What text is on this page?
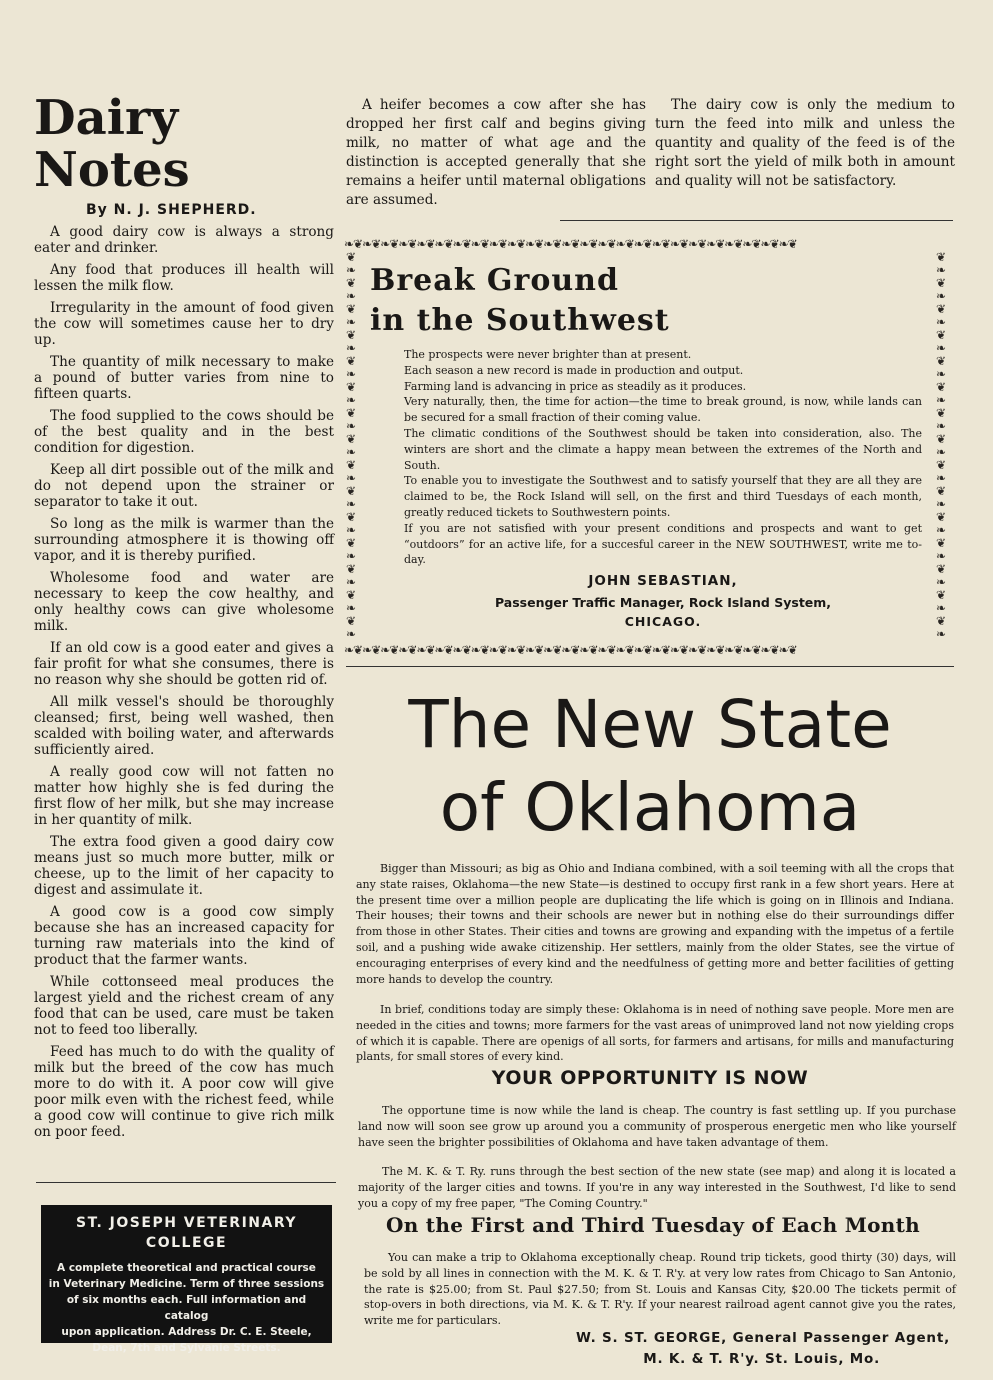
Dairy Notes
By N. J. SHEPHERD.

A good dairy cow is always a strong eater and drinker.

Any food that produces ill health will lessen the milk flow.

Irregularity in the amount of food given the cow will sometimes cause her to dry up.

The quantity of milk necessary to make a pound of butter varies from nine to fifteen quarts.

The food supplied to the cows should be of the best quality and in the best condition for digestion.

Keep all dirt possible out of the milk and do not depend upon the strainer or separator to take it out.

So long as the milk is warmer than the surrounding atmosphere it is thowing off vapor, and it is thereby purified.

Wholesome food and water are necessary to keep the cow healthy, and only healthy cows can give wholesome milk.

If an old cow is a good eater and gives a fair profit for what she consumes, there is no reason why she should be gotten rid of.

All milk vessel's should be thoroughly cleansed; first, being well washed, then scalded with boiling water, and afterwards sufficiently aired.

A really good cow will not fatten no matter how highly she is fed during the first flow of her milk, but she may increase in her quantity of milk.

The extra food given a good dairy cow means just so much more butter, milk or cheese, up to the limit of her capacity to digest and assimulate it.

A good cow is a good cow simply because she has an increased capacity for turning raw materials into the kind of product that the farmer wants.

While cottonseed meal produces the largest yield and the richest cream of any food that can be used, care must be taken not to feed too liberally.

Feed has much to do with the quality of milk but the breed of the cow has much more to do with it. A poor cow will give poor milk even with the richest feed, while a good cow will continue to give rich milk on poor feed.

ST. JOSEPH VETERINARY
COLLEGE
A complete theoretical and practical course
in Veterinary Medicine. Term of three sessions
of six months each. Full information and catalog
upon application. Address Dr. C. E. Steele,
Dean, 7th and Sylvanie Streets.

A heifer becomes a cow after she has dropped her first calf and begins giving milk, no matter of what age and the distinction is accepted generally that she remains a heifer until maternal obligations are assumed.

The dairy cow is only the medium to turn the feed into milk and unless the quantity and quality of the feed is of the right sort the yield of milk both in amount and quality will not be satisfactory.

❧❦❧❦❧❦❧❦❧❦❧❦❧❦❧❦❧❦❧❦❧❦❧❦❧❦❧❦❧❦❧❦❧❦❧❦❧❦❧❦❧❦❧❦❧❦❧❦❧❦
❧❦❧❦❧❦❧❦❧❦❧❦❧❦❧❦❧❦❧❦❧❦❧❦❧❦❧❦❧❦❧❦❧❦❧❦❧❦❧❦❧❦❧❦❧❦❧❦❧❦
❦❧❦❧❦❧❦❧❦❧❦❧❦❧❦❧❦❧❦❧❦❧❦❧❦❧❦❧❦❧
❦❧❦❧❦❧❦❧❦❧❦❧❦❧❦❧❦❧❦❧❦❧❦❧❦❧❦❧❦❧
Break Ground
in the Southwest

The prospects were never brighter than at present.

Each season a new record is made in production and output.

Farming land is advancing in price as steadily as it produces.

Very naturally, then, the time for action—the time to break ground, is now, while lands can be secured for a small fraction of their coming value.

The climatic conditions of the Southwest should be taken into consideration, also. The winters are short and the climate a happy mean between the extremes of the North and South.

To enable you to investigate the Southwest and to satisfy yourself that they are all they are claimed to be, the Rock Island will sell, on the first and third Tuesdays of each month, greatly reduced tickets to Southwestern points.

If you are not satisfied with your present conditions and prospects and want to get “outdoors” for an active life, for a succesful career in the NEW SOUTHWEST, write me to-day.

JOHN SEBASTIAN,
Passenger Traffic Manager, Rock Island System,
CHICAGO.
The New State
of Oklahoma

Bigger than Missouri; as big as Ohio and Indiana combined, with a soil teeming with all the crops that any state raises, Oklahoma—the new State—is destined to occupy first rank in a few short years. Here at the present time over a million people are duplicating the life which is going on in Illinois and Indiana. Their houses; their towns and their schools are newer but in nothing else do their surroundings differ from those in other States. Their cities and towns are growing and expanding with the impetus of a fertile soil, and a pushing wide awake citizenship. Her settlers, mainly from the older States, see the virtue of encouraging enterprises of every kind and the needfulness of getting more and better facilities of getting more hands to develop the country.

In brief, conditions today are simply these: Oklahoma is in need of nothing save people. More men are needed in the cities and towns; more farmers for the vast areas of unimproved land not now yielding crops of which it is capable. There are openigs of all sorts, for farmers and artisans, for mills and manufacturing plants, for small stores of every kind.

YOUR OPPORTUNITY IS NOW

The opportune time is now while the land is cheap. The country is fast settling up. If you purchase land now will soon see grow up around you a community of prosperous energetic men who like yourself have seen the brighter possibilities of Oklahoma and have taken advantage of them.

The M. K. & T. Ry. runs through the best section of the new state (see map) and along it is located a majority of the larger cities and towns. If you're in any way interested in the Southwest, I'd like to send you a copy of my free paper, "The Coming Country."

On the First and Third Tuesday of Each Month

You can make a trip to Oklahoma exceptionally cheap. Round trip tickets, good thirty (30) days, will be sold by all lines in connection with the M. K. & T. R'y. at very low rates from Chicago to San Antonio, the rate is $25.00; from St. Paul $27.50; from St. Louis and Kansas City, $20.00 The tickets permit of stop-overs in both directions, via M. K. & T. R'y. If your nearest railroad agent cannot give you the rates, write me for particulars.

W. S. ST. GEORGE, General Passenger Agent,

M. K. & T. R'y. St. Louis, Mo.
